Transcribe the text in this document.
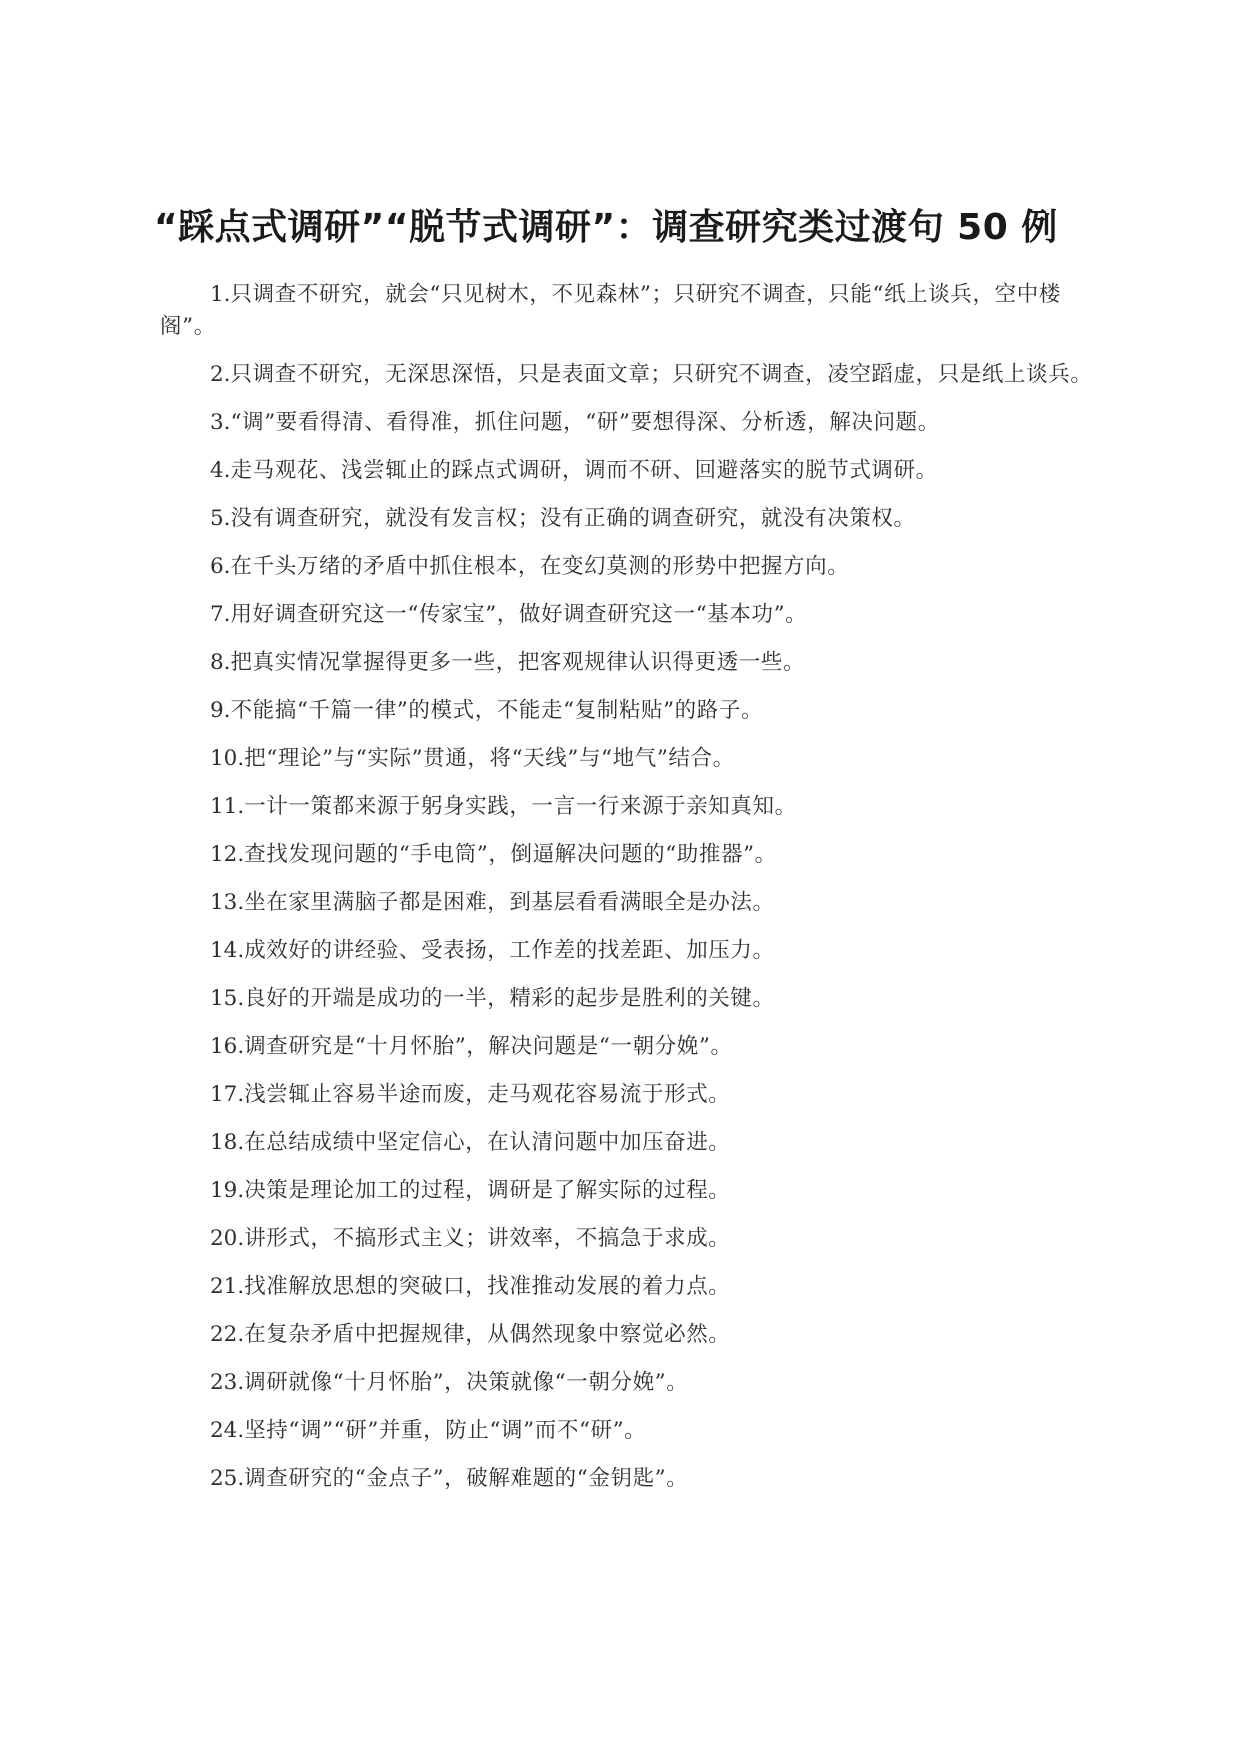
“踩点式调研”“脱节式调研”：调查研究类过渡句 50 例
1.只调查不研究，就会“只见树木，不见森林”；只研究不调查，只能“纸上谈兵，空中楼阁”。
2.只调查不研究，无深思深悟，只是表面文章；只研究不调查，凌空蹈虚，只是纸上谈兵。
3.“调”要看得清、看得准，抓住问题，“研”要想得深、分析透，解决问题。
4.走马观花、浅尝辄止的踩点式调研，调而不研、回避落实的脱节式调研。
5.没有调查研究，就没有发言权；没有正确的调查研究，就没有决策权。
6.在千头万绪的矛盾中抓住根本，在变幻莫测的形势中把握方向。
7.用好调查研究这一“传家宝”，做好调查研究这一“基本功”。
8.把真实情况掌握得更多一些，把客观规律认识得更透一些。
9.不能搞“千篇一律”的模式，不能走“复制粘贴”的路子。
10.把“理论”与“实际”贯通，将“天线”与“地气”结合。
11.一计一策都来源于躬身实践，一言一行来源于亲知真知。
12.查找发现问题的“手电筒”，倒逼解决问题的“助推器”。
13.坐在家里满脑子都是困难，到基层看看满眼全是办法。
14.成效好的讲经验、受表扬，工作差的找差距、加压力。
15.良好的开端是成功的一半，精彩的起步是胜利的关键。
16.调查研究是“十月怀胎”，解决问题是“一朝分娩”。
17.浅尝辄止容易半途而废，走马观花容易流于形式。
18.在总结成绩中坚定信心，在认清问题中加压奋进。
19.决策是理论加工的过程，调研是了解实际的过程。
20.讲形式，不搞形式主义；讲效率，不搞急于求成。
21.找准解放思想的突破口，找准推动发展的着力点。
22.在复杂矛盾中把握规律，从偶然现象中察觉必然。
23.调研就像“十月怀胎”，决策就像“一朝分娩”。
24.坚持“调”“研”并重，防止“调”而不“研”。
25.调查研究的“金点子”，破解难题的“金钥匙”。
